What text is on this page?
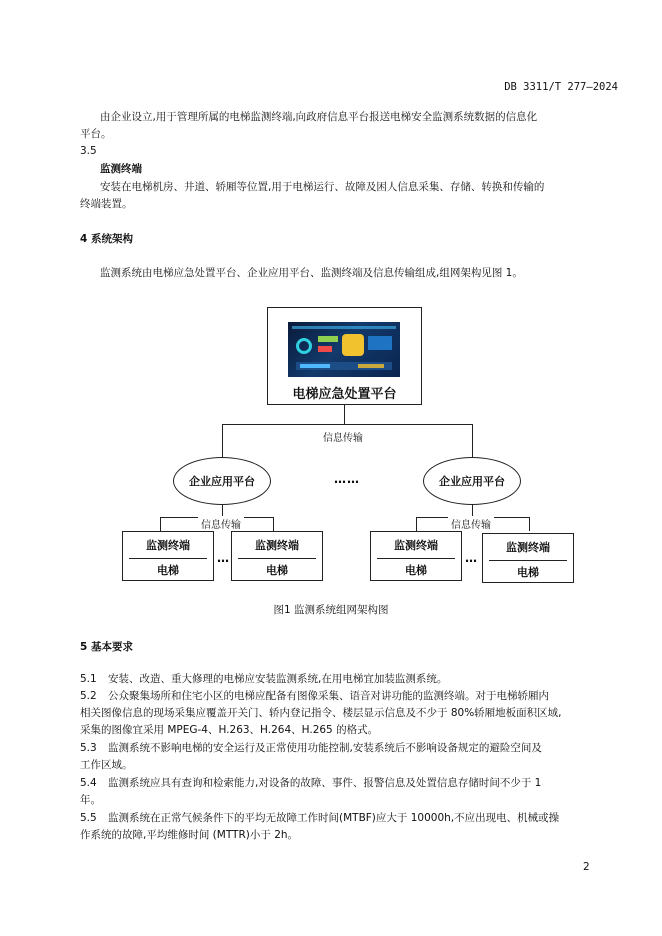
DB 3311/T 277—2024
由企业设立,用于管理所属的电梯监测终端,向政府信息平台报送电梯安全监测系统数据的信息化
平台。
3.5
监测终端
安装在电梯机房、井道、轿厢等位置,用于电梯运行、故障及困人信息采集、存储、转换和传输的
终端装置。
4 系统架构
监测系统由电梯应急处置平台、企业应用平台、监测终端及信息传输组成,组网架构见图 1。
电梯应急处置平台
信息传输
企业应用平台	……	企业应用平台
信息传输	信息传输
监测终端
电梯
…
监测终端
电梯
监测终端
电梯
…
监测终端
电梯
图1 监测系统组网架构图
5 基本要求
5.1 安装、改造、重大修理的电梯应安装监测系统,在用电梯宜加装监测系统。
5.2 公众聚集场所和住宅小区的电梯应配备有图像采集、语音对讲功能的监测终端。对于电梯轿厢内
相关图像信息的现场采集应覆盖开关门、轿内登记指令、楼层显示信息及不少于 80%轿厢地板面积区域,
采集的图像宜采用 MPEG-4、H.263、H.264、H.265 的格式。
5.3 监测系统不影响电梯的安全运行及正常使用功能控制,安装系统后不影响设备规定的避险空间及
工作区域。
5.4 监测系统应具有查询和检索能力,对设备的故障、事件、报警信息及处置信息存储时间不少于 1
年。
5.5 监测系统在正常气候条件下的平均无故障工作时间(MTBF)应大于 10000h,不应出现电、机械或操
作系统的故障,平均维修时间 (MTTR)小于 2h。
2
